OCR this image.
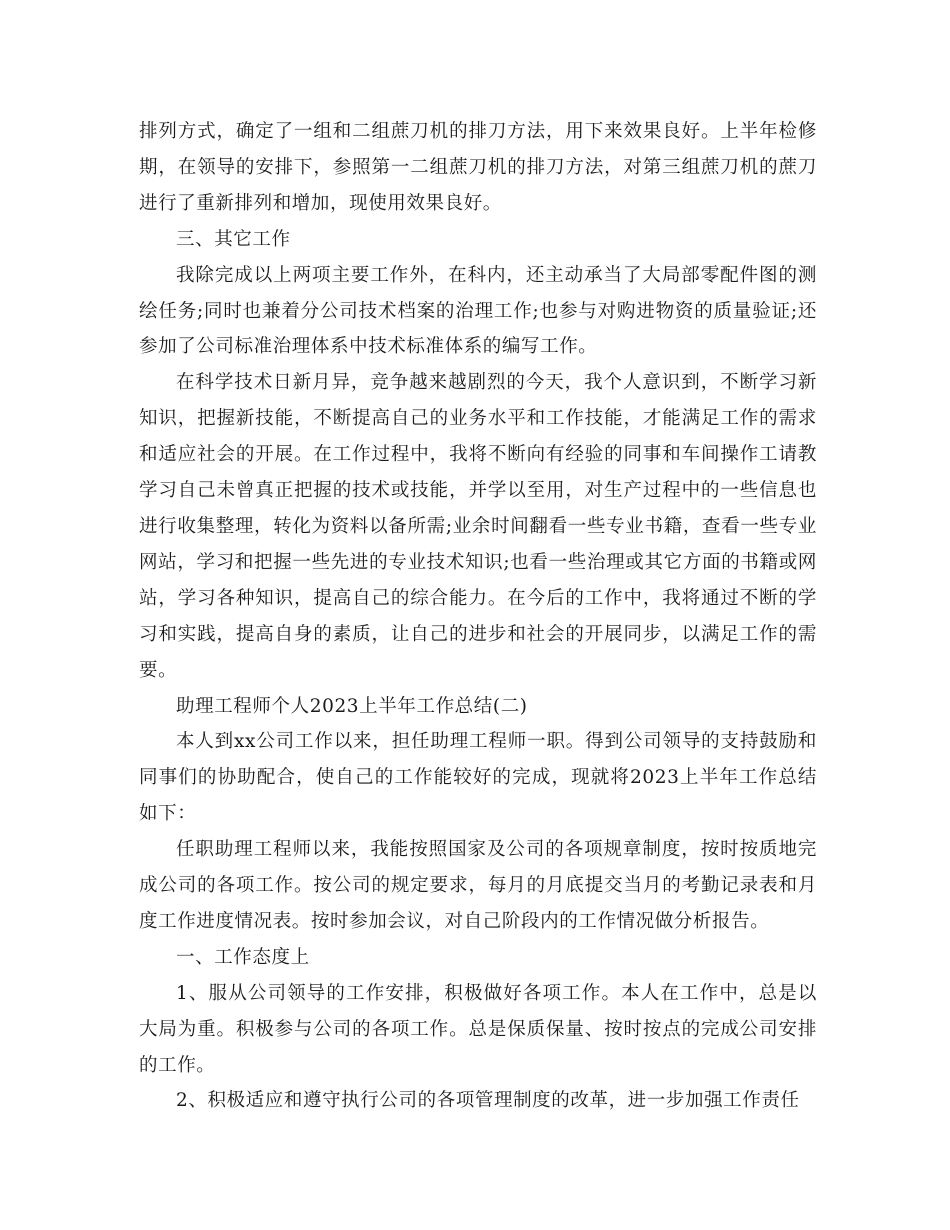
排列方式，确定了一组和二组蔗刀机的排刀方法，用下来效果良好。上半年检修期，在领导的安排下，参照第一二组蔗刀机的排刀方法，对第三组蔗刀机的蔗刀进行了重新排列和增加，现使用效果良好。

三、其它工作

我除完成以上两项主要工作外，在科内，还主动承当了大局部零配件图的测绘任务;同时也兼着分公司技术档案的治理工作;也参与对购进物资的质量验证;还参加了公司标准治理体系中技术标准体系的编写工作。

在科学技术日新月异，竞争越来越剧烈的今天，我个人意识到，不断学习新知识，把握新技能，不断提高自己的业务水平和工作技能，才能满足工作的需求和适应社会的开展。在工作过程中，我将不断向有经验的同事和车间操作工请教学习自己未曾真正把握的技术或技能，并学以至用，对生产过程中的一些信息也进行收集整理，转化为资料以备所需;业余时间翻看一些专业书籍，查看一些专业网站，学习和把握一些先进的专业技术知识;也看一些治理或其它方面的书籍或网站，学习各种知识，提高自己的综合能力。在今后的工作中，我将通过不断的学习和实践，提高自身的素质，让自己的进步和社会的开展同步，以满足工作的需要。

助理工程师个人2023上半年工作总结(二)

本人到xx公司工作以来，担任助理工程师一职。得到公司领导的支持鼓励和同事们的协助配合，使自己的工作能较好的完成，现就将2023上半年工作总结如下：

任职助理工程师以来，我能按照国家及公司的各项规章制度，按时按质地完成公司的各项工作。按公司的规定要求，每月的月底提交当月的考勤记录表和月度工作进度情况表。按时参加会议，对自己阶段内的工作情况做分析报告。

一、工作态度上

1、服从公司领导的工作安排，积极做好各项工作。本人在工作中，总是以大局为重。积极参与公司的各项工作。总是保质保量、按时按点的完成公司安排的工作。

2、积极适应和遵守执行公司的各项管理制度的改革，进一步加强工作责任
